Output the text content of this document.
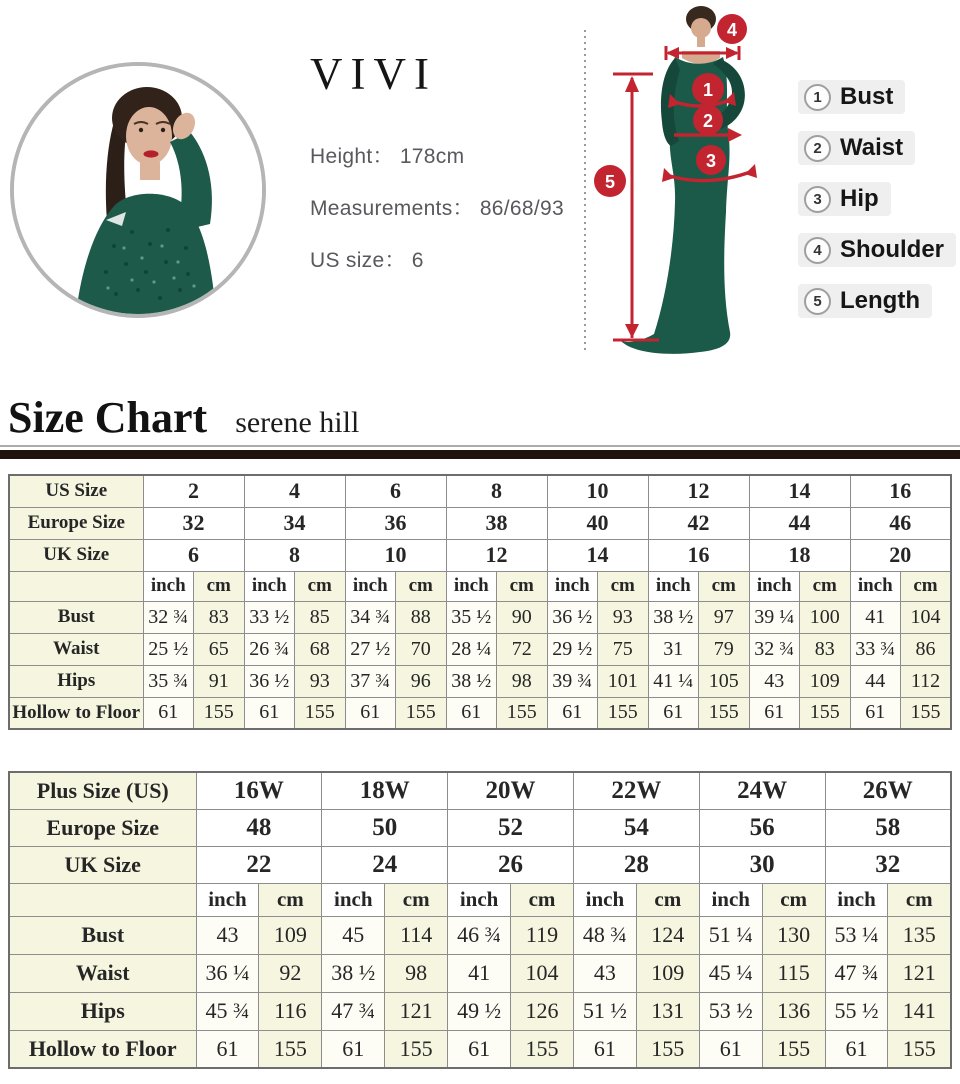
VIVI
Height： 178cm
Measurements： 86/68/93
US size： 6
1
2
3
4
5
1 Bust
2 Waist
3 Hip
4 Shoulder
5 Length
Size Chart serene hill
US Size	2		4		6		8		10		12		14		16	
Europe Size	32		34		36		38		40		42		44		46	
UK Size	6		8		10		12		14		16		18		20	
	inch	cm	inch	cm	inch	cm	inch	cm	inch	cm	inch	cm	inch	cm	inch	cm
Bust	32 ¾	83	33 ½	85	34 ¾	88	35 ½	90	36 ½	93	38 ½	97	39 ¼	100	41	104
Waist	25 ½	65	26 ¾	68	27 ½	70	28 ¼	72	29 ½	75	31	79	32 ¾	83	33 ¾	86
Hips	35 ¾	91	36 ½	93	37 ¾	96	38 ½	98	39 ¾	101	41 ¼	105	43	109	44	112
Hollow to Floor	61	155	61	155	61	155	61	155	61	155	61	155	61	155	61	155
Plus Size (US)	16W		18W		20W		22W		24W		26W	
Europe Size	48		50		52		54		56		58	
UK Size	22		24		26		28		30		32	
	inch	cm	inch	cm	inch	cm	inch	cm	inch	cm	inch	cm
Bust	43	109	45	114	46 ¾	119	48 ¾	124	51 ¼	130	53 ¼	135
Waist	36 ¼	92	38 ½	98	41	104	43	109	45 ¼	115	47 ¾	121
Hips	45 ¾	116	47 ¾	121	49 ½	126	51 ½	131	53 ½	136	55 ½	141
Hollow to Floor	61	155	61	155	61	155	61	155	61	155	61	155
